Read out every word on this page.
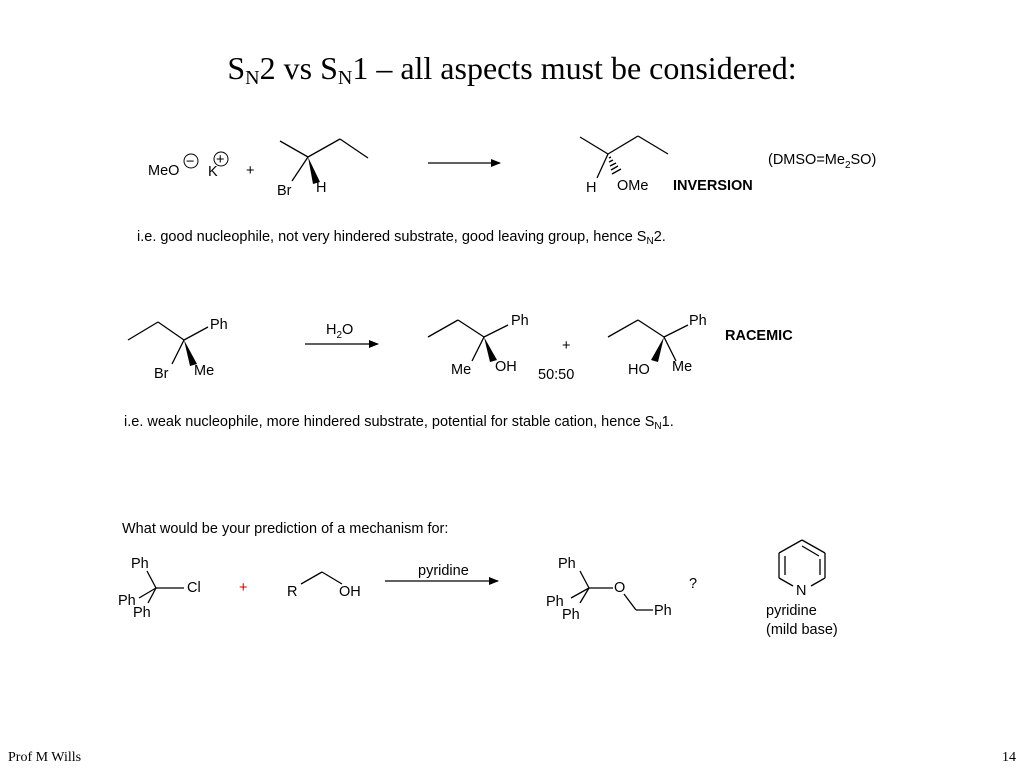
$S_N2$ vs $S_N1$ – all aspects must be considered:
MeO
−
K
+
+
Br H	H OMe INVERSION
$(DMSO=Me_2SO)$
Ph
Br Me
$H_2O$
Ph
Me OH
+
50:50
Ph
HO Me
RACEMIC
Ph
Cl
Ph
Ph
+	R	OH
pyridine	Ph
O
Ph
Ph	Ph
?	N
pyridine
(mild base)
i.e. good nucleophile, not very hindered substrate, good leaving group, hence $S_N2$.
i.e. weak nucleophile, more hindered substrate, potential for stable cation, hence $S_N1$.
What would be your prediction of a mechanism for:
Prof M Wills	14
